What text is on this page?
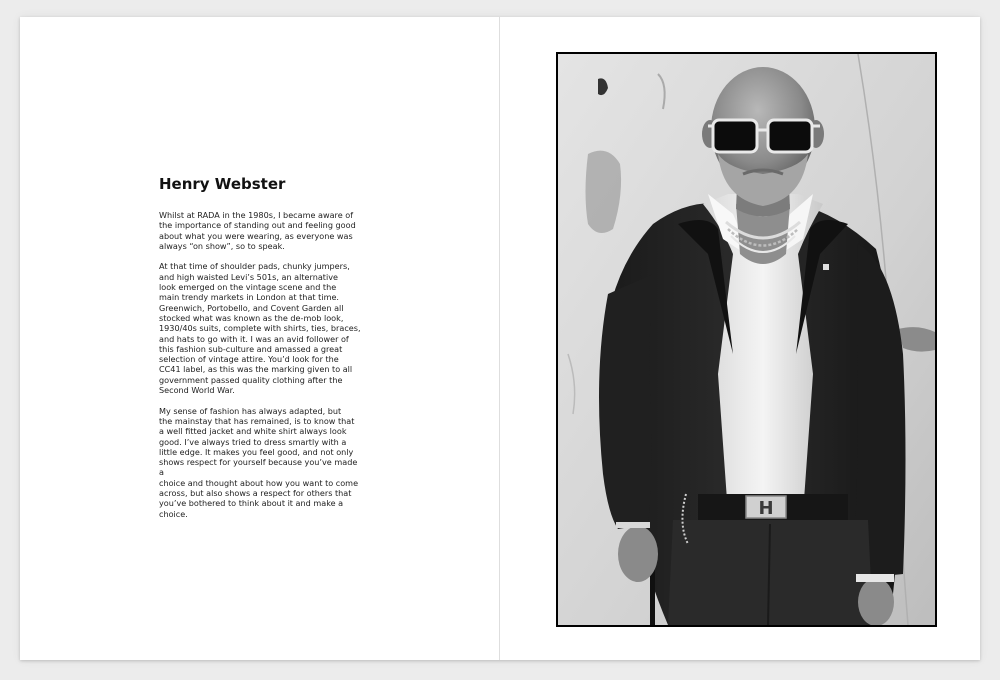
Henry Webster

Whilst at RADA in the 1980s, I became aware of
the importance of standing out and feeling good
about what you were wearing, as everyone was
always “on show”, so to speak.

At that time of shoulder pads, chunky jumpers,
and high waisted Levi’s 501s, an alternative
look emerged on the vintage scene and the
main trendy markets in London at that time.
Greenwich, Portobello, and Covent Garden all
stocked what was known as the de-mob look,
1930/40s suits, complete with shirts, ties, braces,
and hats to go with it. I was an avid follower of
this fashion sub-culture and amassed a great
selection of vintage attire. You’d look for the
CC41 label, as this was the marking given to all
government passed quality clothing after the
Second World War.

My sense of fashion has always adapted, but
the mainstay that has remained, is to know that
a well fitted jacket and white shirt always look
good. I’ve always tried to dress smartly with a
little edge. It makes you feel good, and not only
shows respect for yourself because you’ve made a
choice and thought about how you want to come
across, but also shows a respect for others that
you’ve bothered to think about it and make a
choice.	H
